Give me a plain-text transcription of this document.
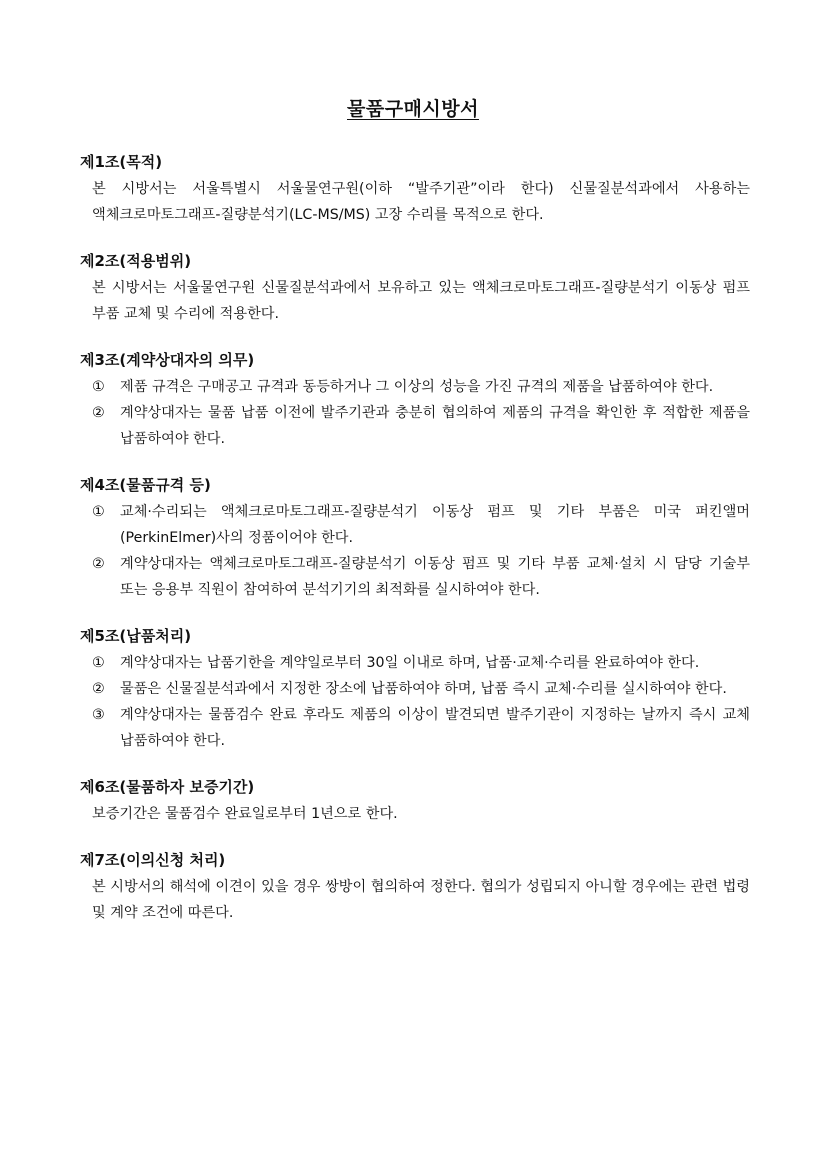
물품구매시방서
제1조(목적)
본 시방서는 서울특별시 서울물연구원(이하 “발주기관”이라 한다) 신물질분석과에서 사용하는 액체크로마토그래프-질량분석기(LC-MS/MS) 고장 수리를 목적으로 한다.
제2조(적용범위)
본 시방서는 서울물연구원 신물질분석과에서 보유하고 있는 액체크로마토그래프-질량분석기 이동상 펌프 부품 교체 및 수리에 적용한다.
제3조(계약상대자의 의무)
①	제품 규격은 구매공고 규격과 동등하거나 그 이상의 성능을 가진 규격의 제품을 납품하여야 한다.
②	계약상대자는 물품 납품 이전에 발주기관과 충분히 협의하여 제품의 규격을 확인한 후 적합한 제품을 납품하여야 한다.
제4조(물품규격 등)
①	교체·수리되는 액체크로마토그래프-질량분석기 이동상 펌프 및 기타 부품은 미국 퍼킨앨머(PerkinElmer)사의 정품이어야 한다.
②	계약상대자는 액체크로마토그래프-질량분석기 이동상 펌프 및 기타 부품 교체·설치 시 담당 기술부 또는 응용부 직원이 참여하여 분석기기의 최적화를 실시하여야 한다.
제5조(납품처리)
①	계약상대자는 납품기한을 계약일로부터 30일 이내로 하며, 납품·교체·수리를 완료하여야 한다.
②	물품은 신물질분석과에서 지정한 장소에 납품하여야 하며, 납품 즉시 교체·수리를 실시하여야 한다.
③	계약상대자는 물품검수 완료 후라도 제품의 이상이 발견되면 발주기관이 지정하는 날까지 즉시 교체 납품하여야 한다.
제6조(물품하자 보증기간)
보증기간은 물품검수 완료일로부터 1년으로 한다.
제7조(이의신청 처리)
본 시방서의 해석에 이견이 있을 경우 쌍방이 협의하여 정한다. 협의가 성립되지 아니할 경우에는 관련 법령 및 계약 조건에 따른다.
